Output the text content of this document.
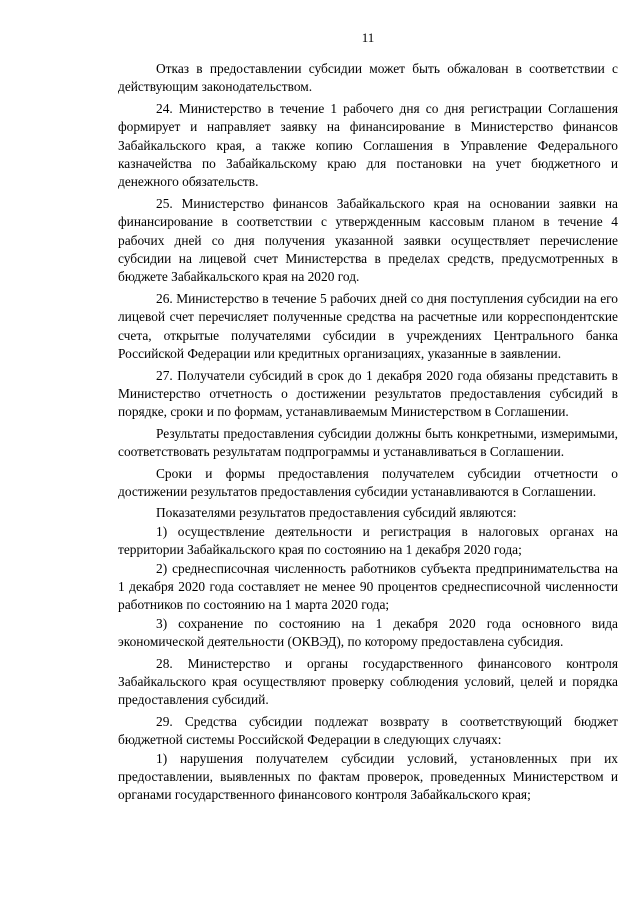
11

Отказ в предоставлении субсидии может быть обжалован в соответствии с действующим законодательством.

24. Министерство в течение 1 рабочего дня со дня регистрации Соглашения формирует и направляет заявку на финансирование в Министерство финансов Забайкальского края, а также копию Соглашения в Управление Федерального казначейства по Забайкальскому краю для постановки на учет бюджетного и денежного обязательств.

25. Министерство финансов Забайкальского края на основании заявки на финансирование в соответствии с утвержденным кассовым планом в течение 4 рабочих дней со дня получения указанной заявки осуществляет перечисление субсидии на лицевой счет Министерства в пределах средств, предусмотренных в бюджете Забайкальского края на 2020 год.

26. Министерство в течение 5 рабочих дней со дня поступления субсидии на его лицевой счет перечисляет полученные средства на расчетные или корреспондентские счета, открытые получателями субсидии в учреждениях Центрального банка Российской Федерации или кредитных организациях, указанные в заявлении.

27. Получатели субсидий в срок до 1 декабря 2020 года обязаны представить в Министерство отчетность о достижении результатов предоставления субсидий в порядке, сроки и по формам, устанавливаемым Министерством в Соглашении.

Результаты предоставления субсидии должны быть конкретными, измеримыми, соответствовать результатам подпрограммы и устанавливаться в Соглашении.

Сроки и формы предоставления получателем субсидии отчетности о достижении результатов предоставления субсидии устанавливаются в Соглашении.

Показателями результатов предоставления субсидий являются:

1) осуществление деятельности и регистрация в налоговых органах на территории Забайкальского края по состоянию на 1 декабря 2020 года;

2) среднесписочная численность работников субъекта предпринимательства на 1 декабря 2020 года составляет не менее 90 процентов среднесписочной численности работников по состоянию на 1 марта 2020 года;

3) сохранение по состоянию на 1 декабря 2020 года основного вида экономической деятельности (ОКВЭД), по которому предоставлена субсидия.

28. Министерство и органы государственного финансового контроля Забайкальского края осуществляют проверку соблюдения условий, целей и порядка предоставления субсидий.

29. Средства субсидии подлежат возврату в соответствующий бюджет бюджетной системы Российской Федерации в следующих случаях:

1) нарушения получателем субсидии условий, установленных при их предоставлении, выявленных по фактам проверок, проведенных Министерством и органами государственного финансового контроля Забайкальского края;
